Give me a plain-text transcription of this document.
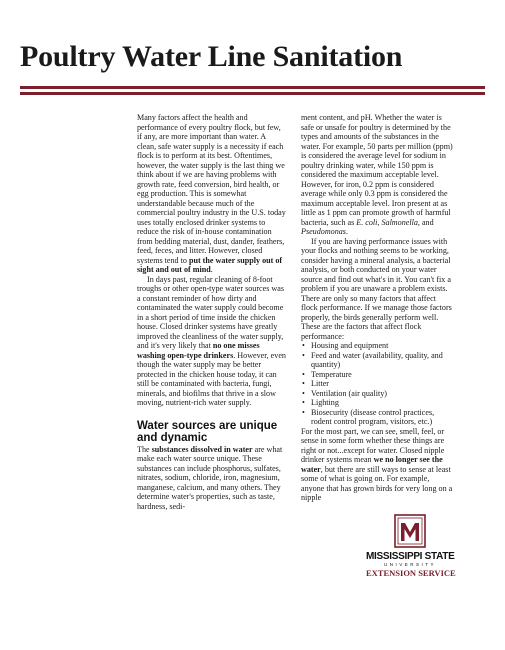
Poultry Water Line Sanitation

Many factors affect the health and performance of every poultry flock, but few, if any, are more important than water. A clean, safe water supply is a necessity if each flock is to perform at its best. Oftentimes, however, the water supply is the last thing we think about if we are having problems with growth rate, feed conversion, bird health, or egg production. This is somewhat understandable because much of the commercial poultry industry in the U.S. today uses totally enclosed drinker systems to reduce the risk of in-house contamination from bedding material, dust, dander, feathers, feed, feces, and litter. However, closed systems tend to put the water supply out of sight and out of mind.

In days past, regular cleaning of 8-foot troughs or other open-type water sources was a constant reminder of how dirty and contaminated the water supply could become in a short period of time inside the chicken house. Closed drinker systems have greatly improved the cleanliness of the water supply, and it's very likely that no one misses washing open-type drinkers. However, even though the water supply may be better protected in the chicken house today, it can still be contaminated with bacteria, fungi, minerals, and biofilms that thrive in a slow moving, nutrient-rich water supply.

Water sources are unique and dynamic

The substances dissolved in water are what make each water source unique. These substances can include phosphorus, sulfates, nitrates, sodium, chloride, iron, magnesium, manganese, calcium, and many others. They determine water's properties, such as taste, hardness, sedi-

ment content, and pH. Whether the water is safe or unsafe for poultry is determined by the types and amounts of the substances in the water. For example, 50 parts per million (ppm) is considered the average level for sodium in poultry drinking water, while 150 ppm is considered the maximum acceptable level. However, for iron, 0.2 ppm is considered average while only 0.3 ppm is considered the maximum acceptable level. Iron present at as little as 1 ppm can promote growth of harmful bacteria, such as E. coli, Salmonella, and Pseudomonas.

If you are having performance issues with your flocks and nothing seems to be working, consider having a mineral analysis, a bacterial analysis, or both conducted on your water source and find out what's in it. You can't fix a problem if you are unaware a problem exists. There are only so many factors that affect flock performance. If we manage those factors properly, the birds generally perform well. These are the factors that affect flock performance:

• Housing and equipment
• Feed and water (availability, quality, and quantity)
• Temperature
• Litter
• Ventilation (air quality)
• Lighting
• Biosecurity (disease control practices, rodent control program, visitors, etc.)

For the most part, we can see, smell, feel, or sense in some form whether these things are right or not...except for water. Closed nipple drinker systems mean we no longer see the water, but there are still ways to sense at least some of what is going on. For example, anyone that has grown birds for very long on a nipple

MISSISSIPPI STATE
UNIVERSITY
EXTENSION SERVICE
